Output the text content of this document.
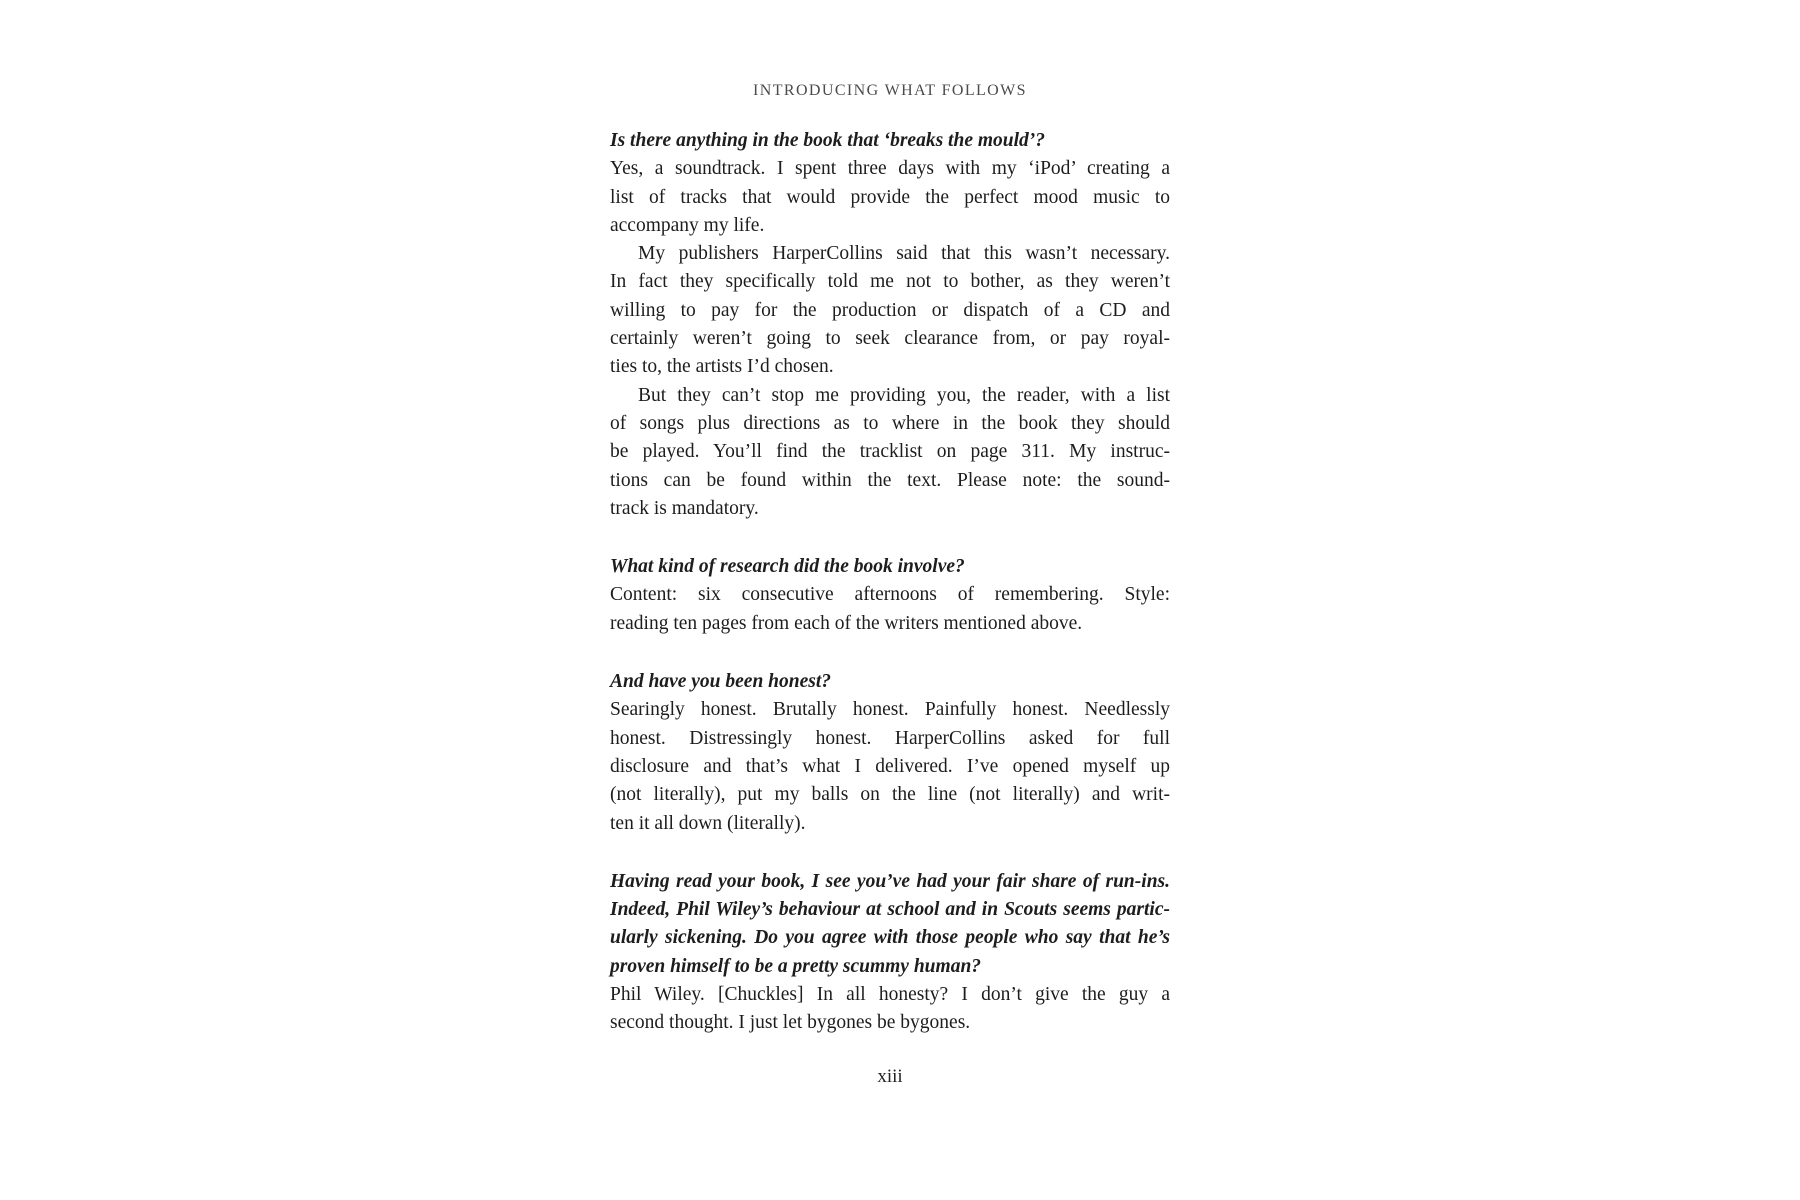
INTRODUCING WHAT FOLLOWS
Is there anything in the book that ‘breaks the mould’?
Yes, a soundtrack. I spent three days with my ‘iPod’ creating a
list of tracks that would provide the perfect mood music to
accompany my life.
My publishers HarperCollins said that this wasn’t necessary.
In fact they specifically told me not to bother, as they weren’t
willing to pay for the production or dispatch of a CD and
certainly weren’t going to seek clearance from, or pay royal-
ties to, the artists I’d chosen.
But they can’t stop me providing you, the reader, with a list
of songs plus directions as to where in the book they should
be played. You’ll find the tracklist on page 311. My instruc-
tions can be found within the text. Please note: the sound-
track is mandatory.
What kind of research did the book involve?
Content: six consecutive afternoons of remembering. Style:
reading ten pages from each of the writers mentioned above.
And have you been honest?
Searingly honest. Brutally honest. Painfully honest. Needlessly
honest. Distressingly honest. HarperCollins asked for full
disclosure and that’s what I delivered. I’ve opened myself up
(not literally), put my balls on the line (not literally) and writ-
ten it all down (literally).
Having read your book, I see you’ve had your fair share of run-ins.
Indeed, Phil Wiley’s behaviour at school and in Scouts seems partic-
ularly sickening. Do you agree with those people who say that he’s
proven himself to be a pretty scummy human?
Phil Wiley. [Chuckles] In all honesty? I don’t give the guy a
second thought. I just let bygones be bygones.
xiii
